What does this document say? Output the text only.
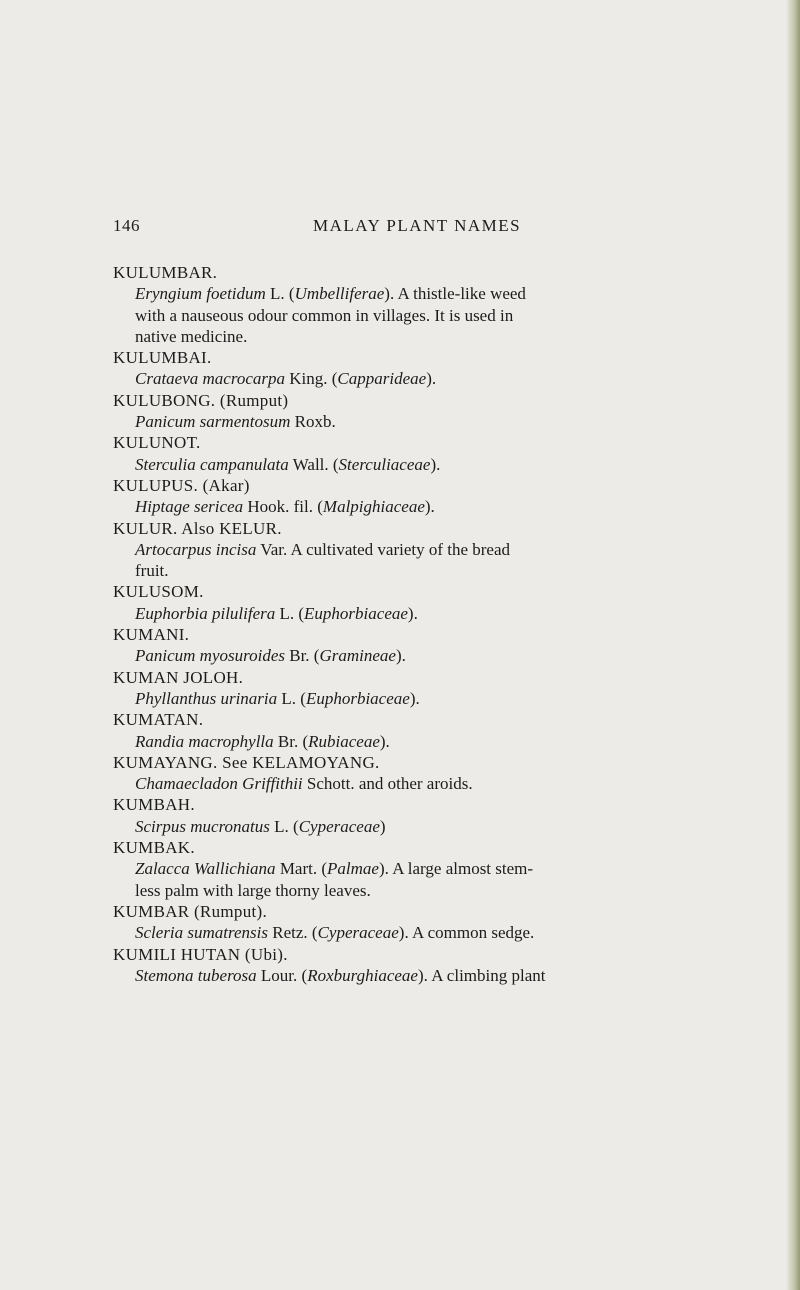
146	MALAY PLANT NAMES
KULUMBAR.
Eryngium foetidum L. (Umbelliferae). A thistle-like weed
with a nauseous odour common in villages. It is used in
native medicine.
KULUMBAI.
Crataeva macrocarpa King. (Capparideae).
KULUBONG. (Rumput)
Panicum sarmentosum Roxb.
KULUNOT.
Sterculia campanulata Wall. (Sterculiaceae).
KULUPUS. (Akar)
Hiptage sericea Hook. fil. (Malpighiaceae).
KULUR. Also KELUR.
Artocarpus incisa Var. A cultivated variety of the bread
fruit.
KULUSOM.
Euphorbia pilulifera L. (Euphorbiaceae).
KUMANI.
Panicum myosuroides Br. (Gramineae).
KUMAN JOLOH.
Phyllanthus urinaria L. (Euphorbiaceae).
KUMATAN.
Randia macrophylla Br. (Rubiaceae).
KUMAYANG. See KELAMOYANG.
Chamaecladon Griffithii Schott. and other aroids.
KUMBAH.
Scirpus mucronatus L. (Cyperaceae)
KUMBAK.
Zalacca Wallichiana Mart. (Palmae). A large almost stem-
less palm with large thorny leaves.
KUMBAR (Rumput).
Scleria sumatrensis Retz. (Cyperaceae). A common sedge.
KUMILI HUTAN (Ubi).
Stemona tuberosa Lour. (Roxburghiaceae). A climbing plant
